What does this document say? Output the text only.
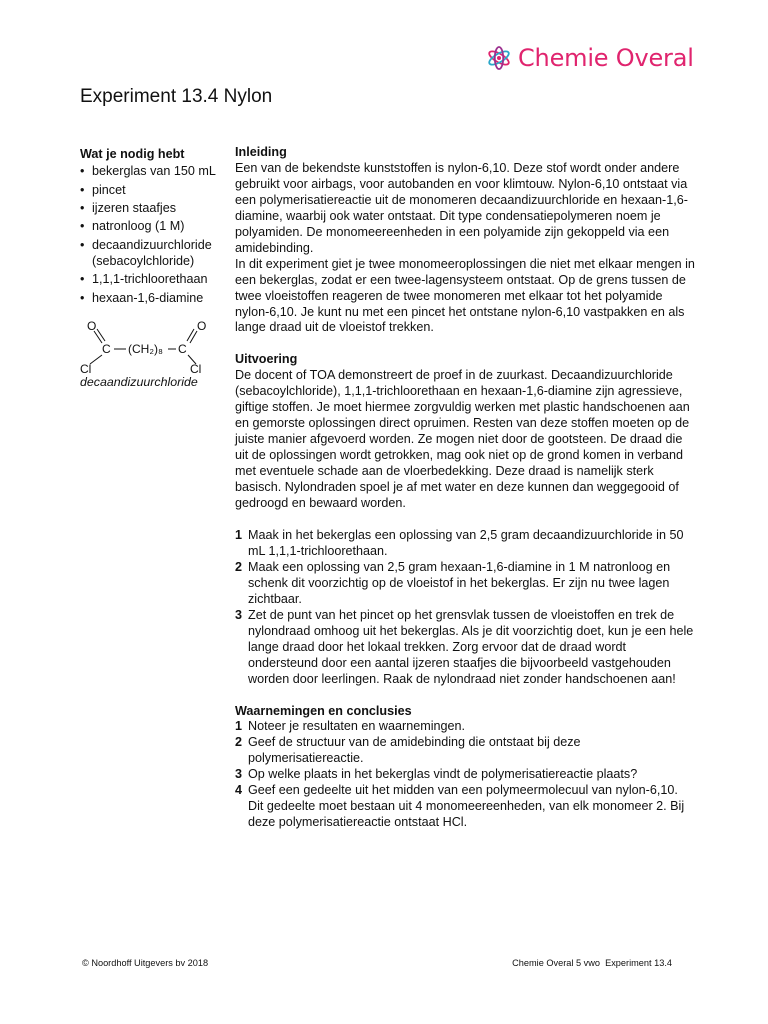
Chemie Overal
Experiment 13.4 Nylon

Wat je nodig hebt

• bekerglas van 150 mL
• pincet
• ijzeren staafjes
• natronloog (1 M)
• decaandizuurchloride (sebacoylchloride)
• 1,1,1-trichloorethaan
• hexaan-1,6-diamine
O	O
C (CH₂)₈ C
Cl	Cl
decaandizuurchloride

Inleiding

Een van de bekendste kunststoffen is nylon-6,10. Deze stof wordt onder andere gebruikt voor airbags, voor autobanden en voor klimtouw. Nylon-6,10 ontstaat via een polymerisatiereactie uit de monomeren decaandizuurchloride en hexaan-1,6-diamine, waarbij ook water ontstaat. Dit type condensatiepolymeren noem je polyamiden. De monomeereenheden in een polyamide zijn gekoppeld via een amidebinding.

In dit experiment giet je twee monomeeroplossingen die niet met elkaar mengen in een bekerglas, zodat er een twee-lagensysteem ontstaat. Op de grens tussen de twee vloeistoffen reageren de twee monomeren met elkaar tot het polyamide nylon-6,10. Je kunt nu met een pincet het ontstane nylon-6,10 vastpakken en als lange draad uit de vloeistof trekken.

Uitvoering

De docent of TOA demonstreert de proef in de zuurkast. Decaandizuurchloride (sebacoylchloride), 1,1,1-trichloorethaan en hexaan-1,6-diamine zijn agressieve, giftige stoffen. Je moet hiermee zorgvuldig werken met plastic handschoenen aan en gemorste oplossingen direct opruimen. Resten van deze stoffen moeten op de juiste manier afgevoerd worden. Ze mogen niet door de gootsteen. De draad die uit de oplossingen wordt getrokken, mag ook niet op de grond komen in verband met eventuele schade aan de vloerbedekking. Deze draad is namelijk sterk basisch. Nylondraden spoel je af met water en deze kunnen dan weggegooid of gedroogd en bewaard worden.

1 Maak in het bekerglas een oplossing van 2,5 gram decaandizuurchloride in 50 mL 1,1,1-trichloorethaan.
2 Maak een oplossing van 2,5 gram hexaan-1,6-diamine in 1 M natronloog en schenk dit voorzichtig op de vloeistof in het bekerglas. Er zijn nu twee lagen zichtbaar.
3 Zet de punt van het pincet op het grensvlak tussen de vloeistoffen en trek de nylondraad omhoog uit het bekerglas. Als je dit voorzichtig doet, kun je een hele lange draad door het lokaal trekken. Zorg ervoor dat de draad wordt ondersteund door een aantal ijzeren staafjes die bijvoorbeeld vastgehouden worden door leerlingen. Raak de nylondraad niet zonder handschoenen aan!

Waarnemingen en conclusies

1 Noteer je resultaten en waarnemingen.
2 Geef de structuur van de amidebinding die ontstaat bij deze polymerisatiereactie.
3 Op welke plaats in het bekerglas vindt de polymerisatiereactie plaats?
4 Geef een gedeelte uit het midden van een polymeermolecuul van nylon-6,10. Dit gedeelte moet bestaan uit 4 monomeereenheden, van elk monomeer 2. Bij deze polymerisatiereactie ontstaat HCl.
© Noordhoff Uitgevers bv 2018	Chemie Overal 5 vwo  Experiment 13.4
